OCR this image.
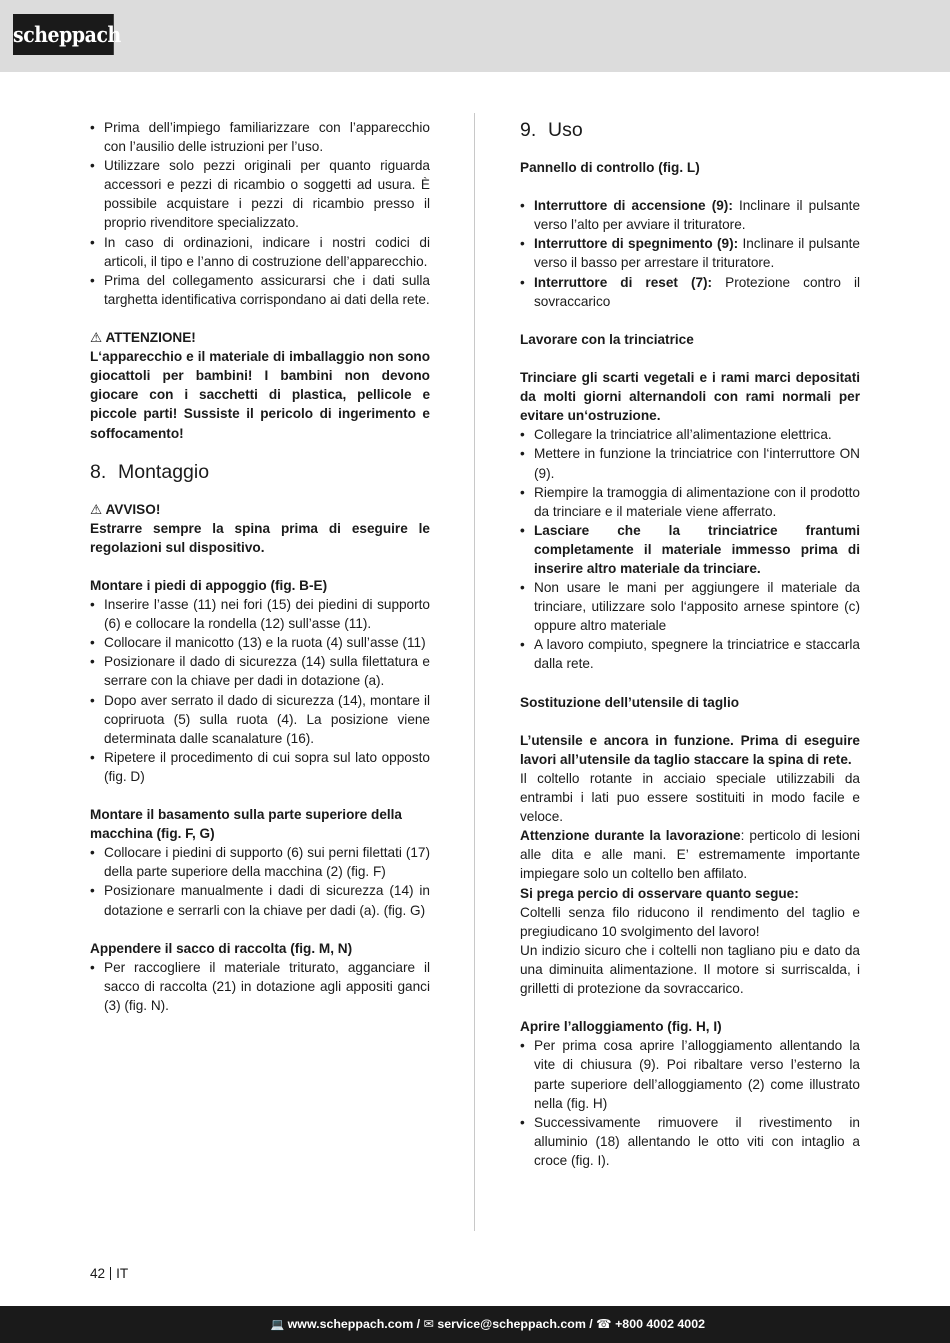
scheppach
• Prima dell’impiego familiarizzare con l’apparecchio con l’ausilio delle istruzioni per l’uso.
• Utilizzare solo pezzi originali per quanto riguarda accessori e pezzi di ricambio o soggetti ad usura. È possibile acquistare i pezzi di ricambio presso il proprio rivenditore specializzato.
• In caso di ordinazioni, indicare i nostri codici di articoli, il tipo e l’anno di costruzione dell’apparecchio.
• Prima del collegamento assicurarsi che i dati sulla targhetta identificativa corrispondano ai dati della rete.
⚠ ATTENZIONE!
L‘apparecchio e il materiale di imballaggio non sono giocattoli per bambini! I bambini non devono giocare con i sacchetti di plastica, pellicole e piccole parti! Sussiste il pericolo di ingerimento e soffocamento!
8. Montaggio
⚠ AVVISO!
Estrarre sempre la spina prima di eseguire le regolazioni sul dispositivo.
Montare i piedi di appoggio (fig. B-E)
• Inserire l’asse (11) nei fori (15) dei piedini di supporto (6) e collocare la rondella (12) sull’asse (11).
• Collocare il manicotto (13) e la ruota (4) sull’asse (11)
• Posizionare il dado di sicurezza (14) sulla filettatura e serrare con la chiave per dadi in dotazione (a).
• Dopo aver serrato il dado di sicurezza (14), montare il copriruota (5) sulla ruota (4). La posizione viene determinata dalle scanalature (16).
• Ripetere il procedimento di cui sopra sul lato opposto (fig. D)
Montare il basamento sulla parte superiore della macchina (fig. F, G)
• Collocare i piedini di supporto (6) sui perni filettati (17) della parte superiore della macchina (2) (fig. F)
• Posizionare manualmente i dadi di sicurezza (14) in dotazione e serrarli con la chiave per dadi (a). (fig. G)
Appendere il sacco di raccolta (fig. M, N)
• Per raccogliere il materiale triturato, agganciare il sacco di raccolta (21) in dotazione agli appositi ganci (3) (fig. N).
9. Uso
Pannello di controllo (fig. L)
• Interruttore di accensione (9): Inclinare il pulsante verso l’alto per avviare il trituratore.
• Interruttore di spegnimento (9): Inclinare il pulsante verso il basso per arrestare il trituratore.
• Interruttore di reset (7): Protezione contro il sovraccarico
Lavorare con la trinciatrice
Trinciare gli scarti vegetali e i rami marci depositati da molti giorni alternandoli con rami normali per evitare un‘ostruzione.
• Collegare la trinciatrice all’alimentazione elettrica.
• Mettere in funzione la trinciatrice con l‘interruttore ON (9).
• Riempire la tramoggia di alimentazione con il prodotto da trinciare e il materiale viene afferrato.
• Lasciare che la trinciatrice frantumi completamente il materiale immesso prima di inserire altro materiale da trinciare.
• Non usare le mani per aggiungere il materiale da trinciare, utilizzare solo l‘apposito arnese spintore (c) oppure altro materiale
• A lavoro compiuto, spegnere la trinciatrice e staccarla dalla rete.
Sostituzione dell’utensile di taglio
L’utensile e ancora in funzione. Prima di eseguire lavori all’utensile da taglio staccare la spina di rete.
Il coltello rotante in acciaio speciale utilizzabili da entrambi i lati puo essere sostituiti in modo facile e veloce.
Attenzione durante la lavorazione: perticolo di lesioni alle dita e alle mani. E’ estremamente importante impiegare solo un coltello ben affilato.
Si prega percio di osservare quanto segue:
Coltelli senza filo riducono il rendimento del taglio e pregiudicano 10 svolgimento del lavoro!
Un indizio sicuro che i coltelli non tagliano piu e dato da una diminuita alimentazione. Il motore si surriscalda, i grilletti di protezione da sovraccarico.
Aprire l’alloggiamento (fig. H, I)
• Per prima cosa aprire l’alloggiamento allentando la vite di chiusura (9). Poi ribaltare verso l’esterno la parte superiore dell’alloggiamento (2) come illustrato nella (fig. H)
• Successivamente rimuovere il rivestimento in alluminio (18) allentando le otto viti con intaglio a croce (fig. I).
42 IT
💻 www.scheppach.com / ✉ service@scheppach.com / ☎ +800 4002 4002
